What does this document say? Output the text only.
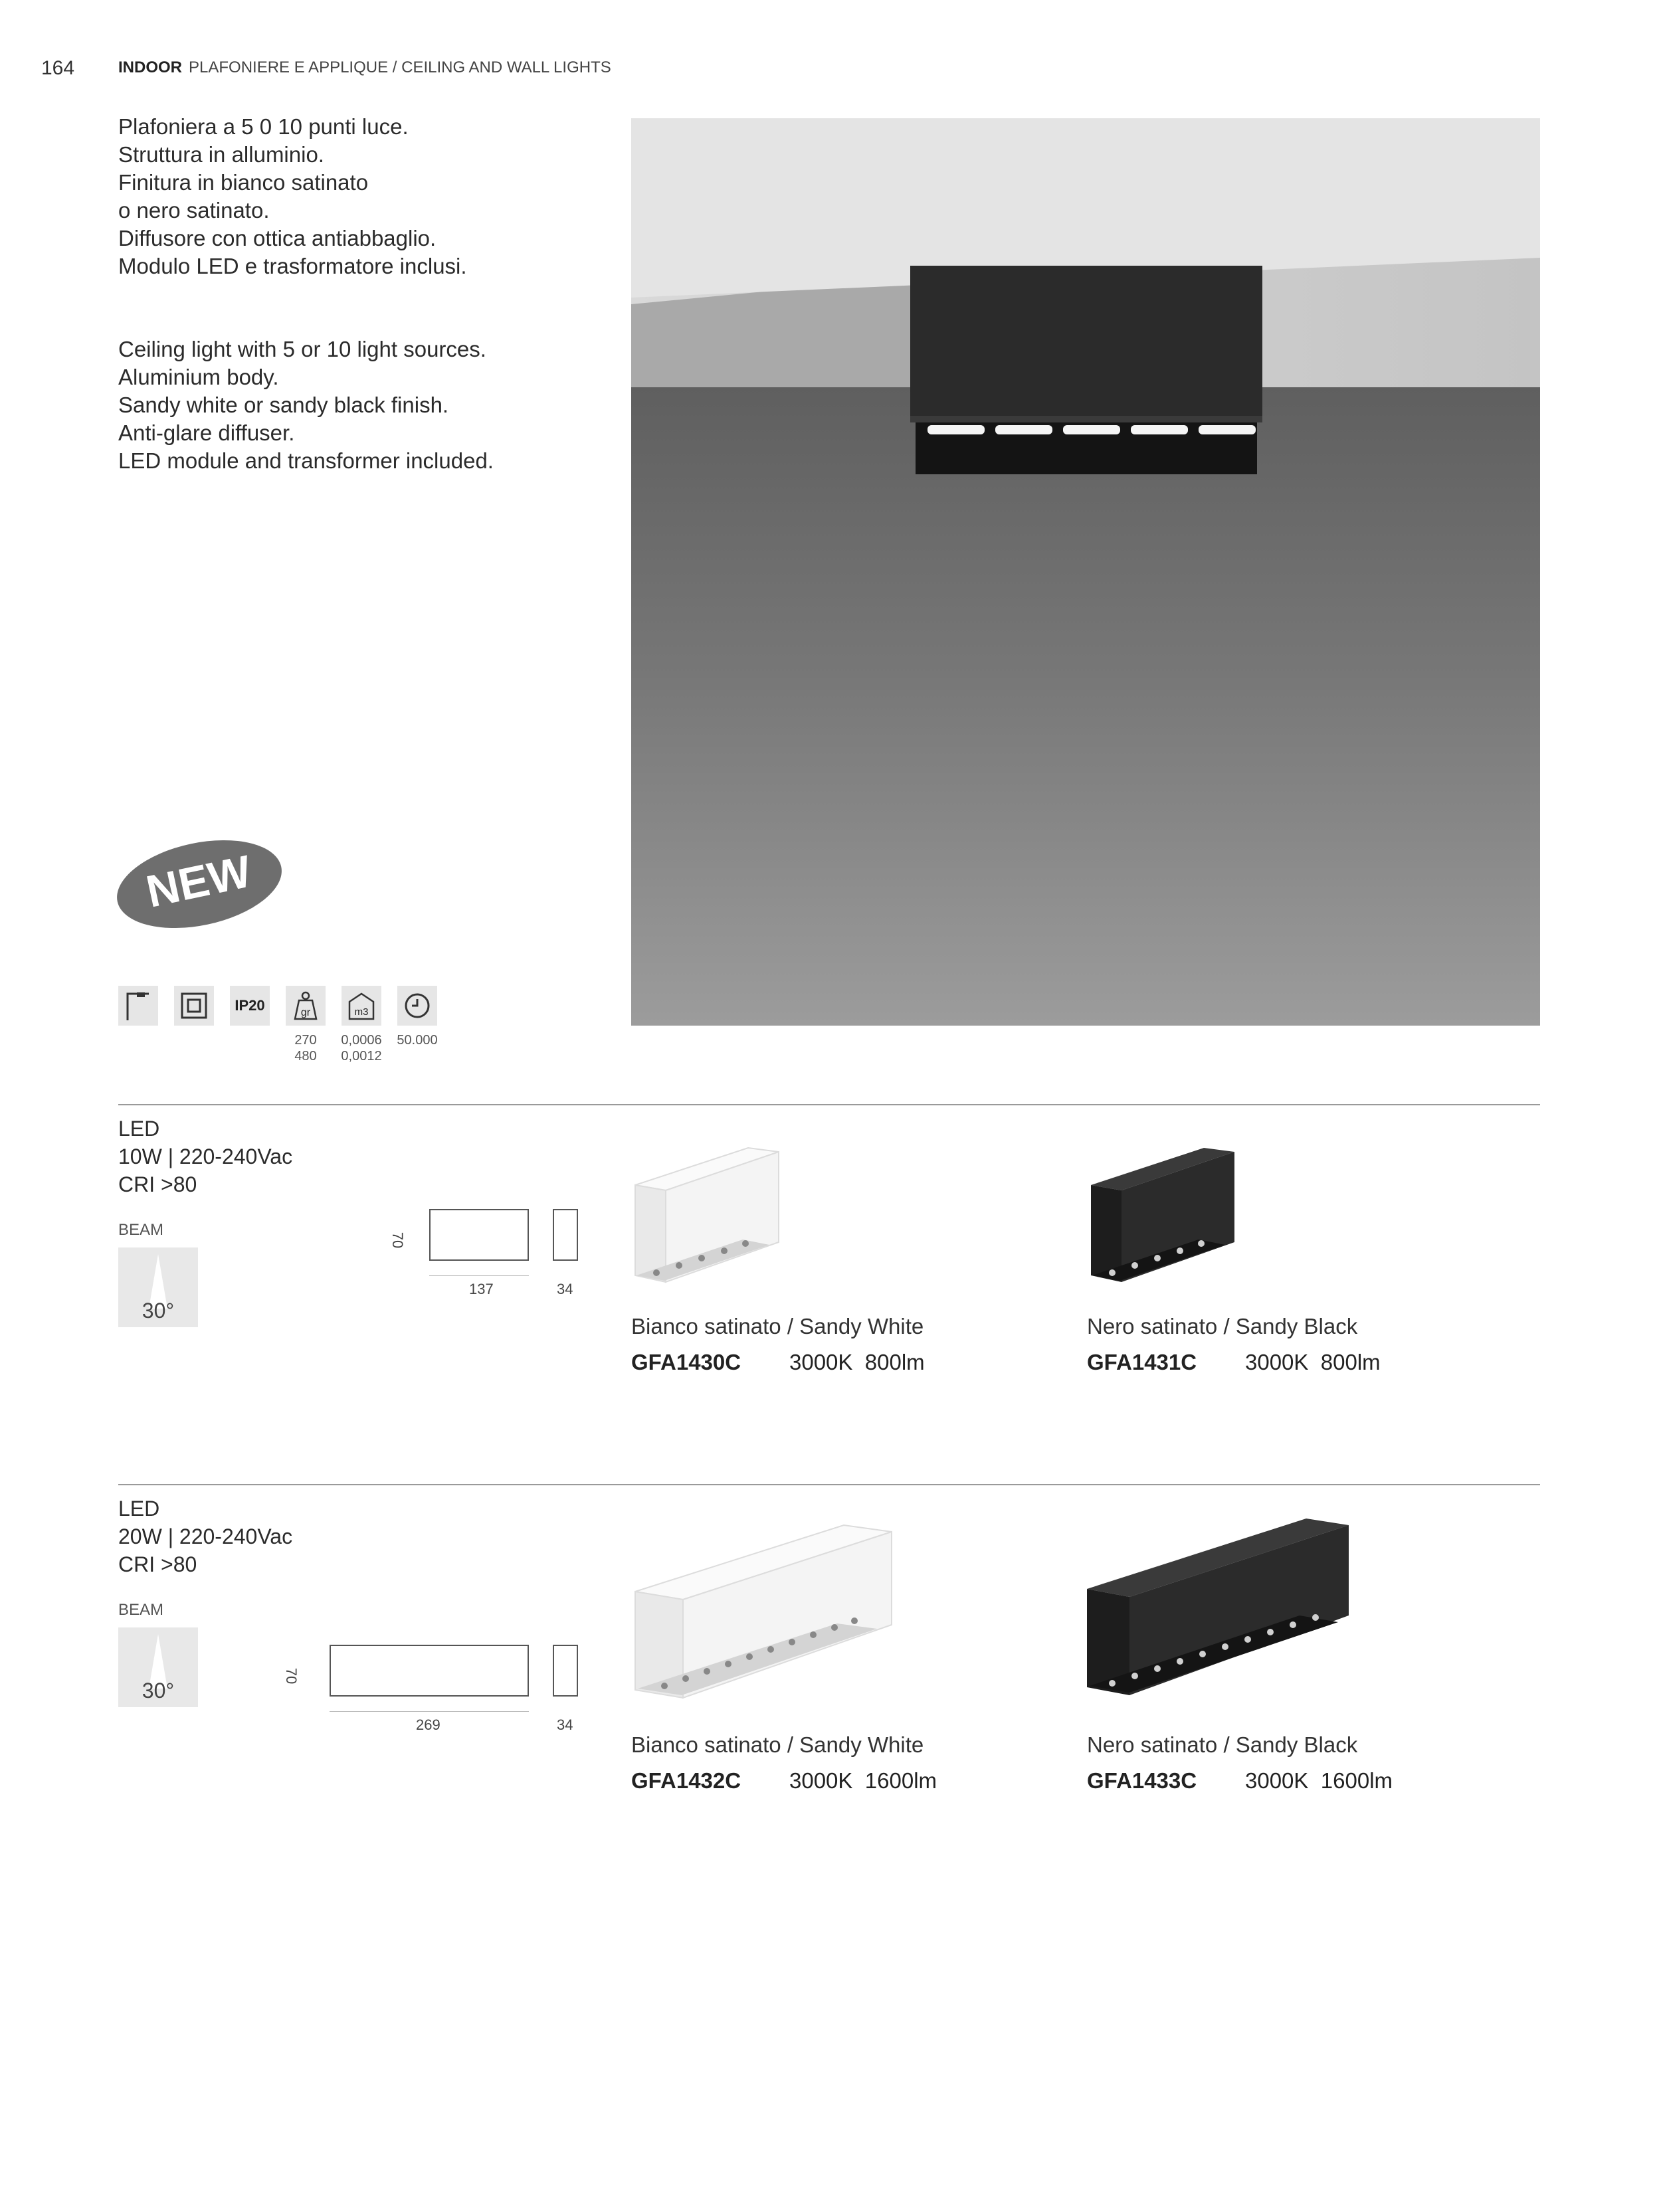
164	INDOOR PLAFONIERE E APPLIQUE / CEILING AND WALL LIGHTS
Plafoniera a 5 0 10 punti luce.
Struttura in alluminio.
Finitura in bianco satinato
o nero satinato.
Diffusore con ottica antiabbaglio.
Modulo LED e trasformatore inclusi.
Ceiling light with 5 or 10 light sources.
Aluminium body.
Sandy white or sandy black finish.
Anti-glare diffuser.
LED module and transformer included.
NEW
IP20	gr	m3
270
480
0,0006
0,0012
50.000
LED
10W | 220-240Vac
CRI >80
BEAM
30°
70
137	34
Bianco satinato / Sandy White
GFA1430C 3000K 800lm
Nero satinato / Sandy Black
GFA1431C 3000K 800lm
LED
20W | 220-240Vac
CRI >80
BEAM
30°
70
269	34
Bianco satinato / Sandy White
GFA1432C 3000K 1600lm
Nero satinato / Sandy Black
GFA1433C 3000K 1600lm
